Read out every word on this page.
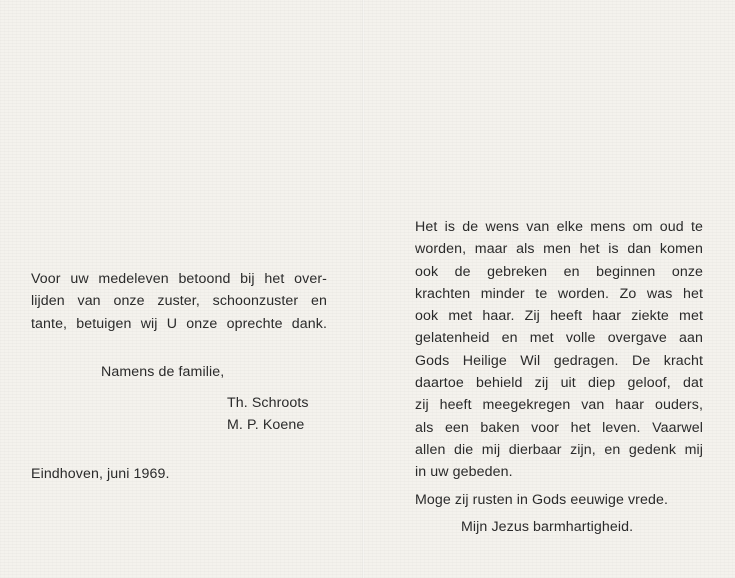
Voor uw medeleven betoond bij het over-
lijden van onze zuster, schoonzuster en
tante, betuigen wij U onze oprechte dank.
Namens de familie,
Th. Schroots
M. P. Koene
Eindhoven, juni 1969.
Het is de wens van elke mens om oud te
worden, maar als men het is dan komen
ook de gebreken en beginnen onze
krachten minder te worden. Zo was het
ook met haar. Zij heeft haar ziekte met
gelatenheid en met volle overgave aan
Gods Heilige Wil gedragen. De kracht
daartoe behield zij uit diep geloof, dat
zij heeft meegekregen van haar ouders,
als een baken voor het leven. Vaarwel
allen die mij dierbaar zijn, en gedenk mij
in uw gebeden.
Moge zij rusten in Gods eeuwige vrede.
Mijn Jezus barmhartigheid.
